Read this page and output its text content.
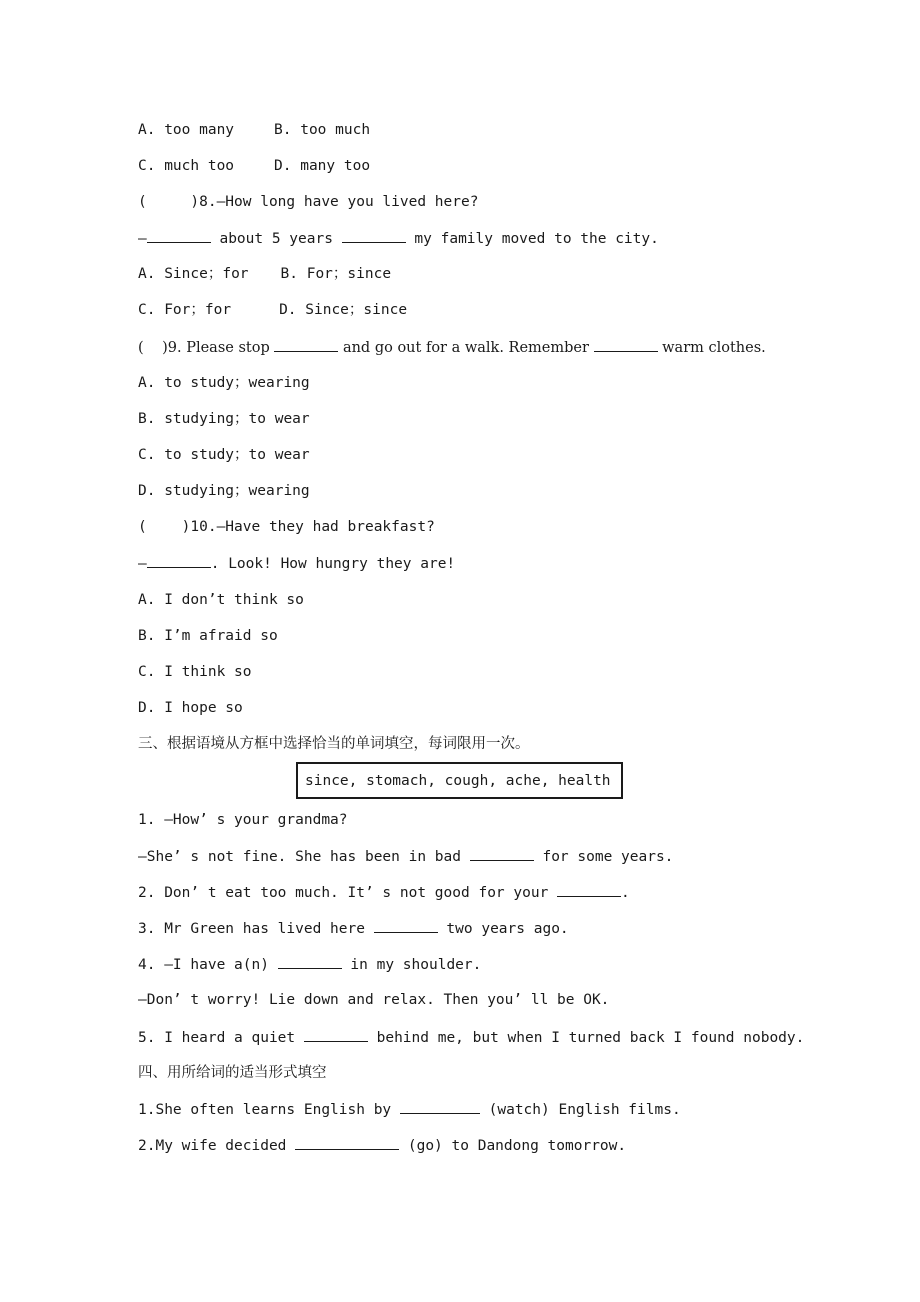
A. too many	B. too much

C. much too	D. many too

(     )8.—How long have you lived here?

—	about 5 years	my family moved to the city.

A. Since；for B. For；since

C. For；for	D. Since；since

(    )9. Please stop	and go out for a walk. Remember	warm clothes.

A. to study；wearing

B. studying；to wear

C. to study；to wear

D. studying；wearing

(    )10.—Have they had breakfast?

—	. Look! How hungry they are!

A. I don’t think so

B. I’m afraid so

C. I think so

D. I hope so

三、根据语境从方框中选择恰当的单词填空，每词限用一次。

since, stomach, cough, ache, health

1. —How’ s your grandma?

—She’ s not fine. She has been in bad	for some years.

2. Don’ t eat too much. It’ s not good for your	.

3. Mr Green has lived here	two years ago.

4. —I have a(n)	in my shoulder.

—Don’ t worry! Lie down and relax. Then you’ ll be OK.

5. I heard a quiet	behind me, but when I turned back I found nobody.

四、用所给词的适当形式填空

1.She often learns English by	(watch) English films.

2.My wife decided	(go) to Dandong tomorrow.
